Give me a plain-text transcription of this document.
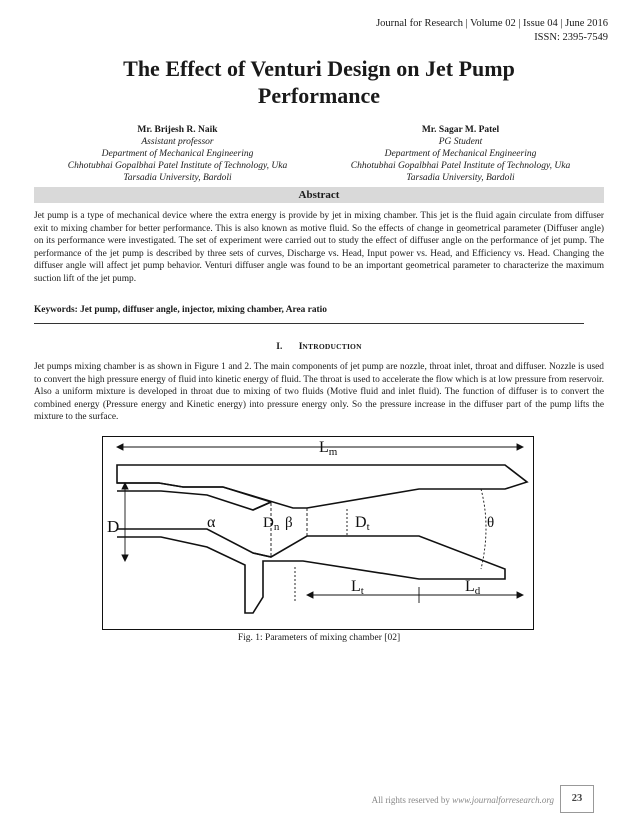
Journal for Research | Volume 02 | Issue 04 | June 2016
ISSN: 2395-7549
The Effect of Venturi Design on Jet Pump
Performance
Mr. Brijesh R. Naik
Assistant professor
Department of Mechanical Engineering
Chhotubhai Gopalbhai Patel Institute of Technology, Uka
Tarsadia University, Bardoli
Mr. Sagar M. Patel
PG Student
Department of Mechanical Engineering
Chhotubhai Gopalbhai Patel Institute of Technology, Uka
Tarsadia University, Bardoli
Abstract
Jet pump is a type of mechanical device where the extra energy is provide by jet in mixing chamber. This jet is the fluid again circulate from diffuser exit to mixing chamber for better performance. This is also known as motive fluid. So the effects of change in geometrical parameter (Diffuser angle) on its performance were investigated. The set of experiment were carried out to study the effect of diffuser angle on the performance of jet pump. The performance of the jet pump is described by three sets of curves, Discharge vs. Head, Input power vs. Head, and Efficiency vs. Head. Changing the diffuser angle will affect jet pump behavior. Venturi diffuser angle was found to be an important geometrical parameter to characterize the maximum suction lift of the jet pump.
Keywords: Jet pump, diffuser angle, injector, mixing chamber, Area ratio
I. INTRODUCTION
Jet pumps mixing chamber is as shown in Figure 1 and 2. The main components of jet pump are nozzle, throat inlet, throat and diffuser. Nozzle is used to convert the high pressure energy of fluid into kinetic energy of fluid. The throat is used to accelerate the flow which is at low pressure from reservoir. Also a uniform mixture is developed in throat due to mixing of two fluids (Motive fluid and inlet fluid). The function of diffuser is to convert the combined energy (Pressure energy and Kinetic energy) into pressure energy only. So the pressure increase in the diffuser part of the pump lifts the mixture to the surface.
Lm
D	α	$D_n$ β	Dt	θ
Lt	Ld
Fig. 1: Parameters of mixing chamber [02]
All rights reserved by www.journalforresearch.org	23
